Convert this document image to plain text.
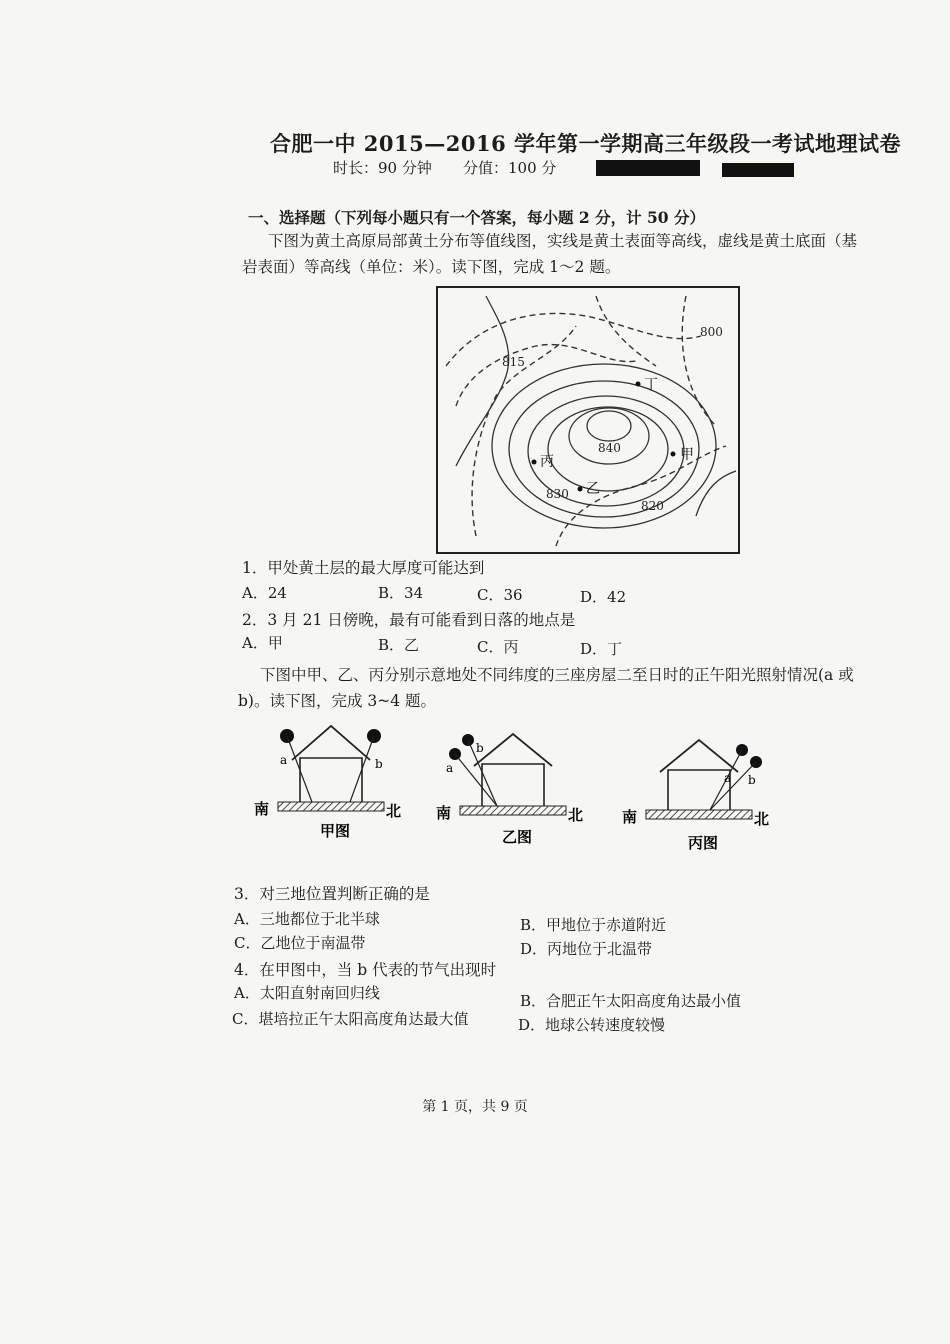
合肥一中 2015—2016 学年第一学期高三年级段一考试地理试卷
时长：90 分钟 分值：100 分
一、选择题（下列每小题只有一个答案，每小题 2 分，计 50 分）
下图为黄土高原局部黄土分布等值线图，实线是黄土表面等高线，虚线是黄土底面（基
岩表面）等高线（单位：米）。读下图，完成 1～2 题。
800
815
840
830
820
甲
乙
丙
丁
1．甲处黄土层的最大厚度可能达到
A．24	B．34	C．36	D．42
2．3 月 21 日傍晚，最有可能看到日落的地点是
A．甲	B．乙	C．丙	D．丁
下图中甲、乙、丙分别示意地处不同纬度的三座房屋二至日时的正午阳光照射情况(a 或
b)。读下图，完成 3~4 题。
a	b
南	北
甲图
a
b
南	北
乙图
a b
南	北
丙图
3．对三地位置判断正确的是
A．三地都位于北半球	B．甲地位于赤道附近
C．乙地位于南温带	D．丙地位于北温带
4．在甲图中，当 b 代表的节气出现时
A．太阳直射南回归线	B．合肥正午太阳高度角达最小值
C．堪培拉正午太阳高度角达最大值	D．地球公转速度较慢
第 1 页，共 9 页
